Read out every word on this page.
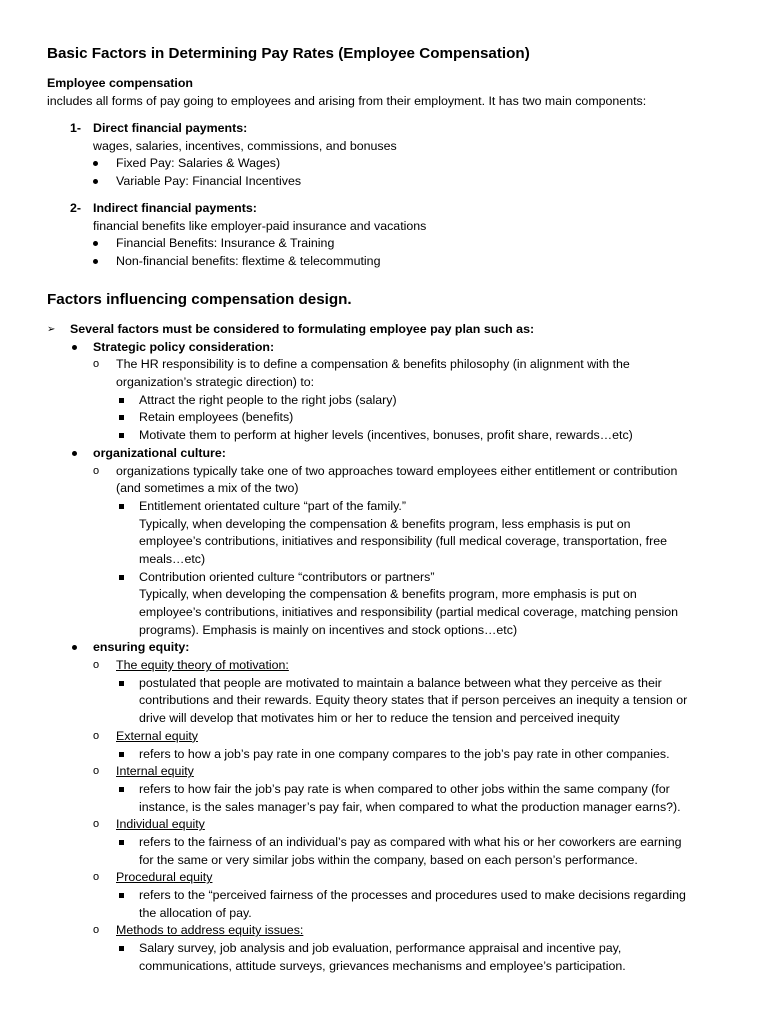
Basic Factors in Determining Pay Rates (Employee Compensation)
Employee compensation
includes all forms of pay going to employees and arising from their employment. It has two main components:
1- Direct financial payments:
wages, salaries, incentives, commissions, and bonuses
Fixed Pay: Salaries & Wages)
Variable Pay: Financial Incentives
2- Indirect financial payments:
financial benefits like employer-paid insurance and vacations
Financial Benefits: Insurance & Training
Non-financial benefits: flextime & telecommuting
Factors influencing compensation design.
➢ Several factors must be considered to formulating employee pay plan such as:
Strategic policy consideration:
o The HR responsibility is to define a compensation & benefits philosophy (in alignment with the
organization’s strategic direction) to:
Attract the right people to the right jobs (salary)
Retain employees (benefits)
Motivate them to perform at higher levels (incentives, bonuses, profit share, rewards…etc)
organizational culture:
o organizations typically take one of two approaches toward employees either entitlement or contribution
(and sometimes a mix of the two)
Entitlement orientated culture “part of the family.”
Typically, when developing the compensation & benefits program, less emphasis is put on
employee’s contributions, initiatives and responsibility (full medical coverage, transportation, free
meals…etc)
Contribution oriented culture “contributors or partners”
Typically, when developing the compensation & benefits program, more emphasis is put on
employee’s contributions, initiatives and responsibility (partial medical coverage, matching pension
programs). Emphasis is mainly on incentives and stock options…etc)
ensuring equity:
o The equity theory of motivation:
postulated that people are motivated to maintain a balance between what they perceive as their
contributions and their rewards. Equity theory states that if person perceives an inequity a tension or
drive will develop that motivates him or her to reduce the tension and perceived inequity
o External equity
refers to how a job’s pay rate in one company compares to the job’s pay rate in other companies.
o Internal equity
refers to how fair the job’s pay rate is when compared to other jobs within the same company (for
instance, is the sales manager’s pay fair, when compared to what the production manager earns?).
o Individual equity
refers to the fairness of an individual’s pay as compared with what his or her coworkers are earning
for the same or very similar jobs within the company, based on each person’s performance.
o Procedural equity
refers to the “perceived fairness of the processes and procedures used to make decisions regarding
the allocation of pay.
o Methods to address equity issues:
Salary survey, job analysis and job evaluation, performance appraisal and incentive pay,
communications, attitude surveys, grievances mechanisms and employee’s participation.
